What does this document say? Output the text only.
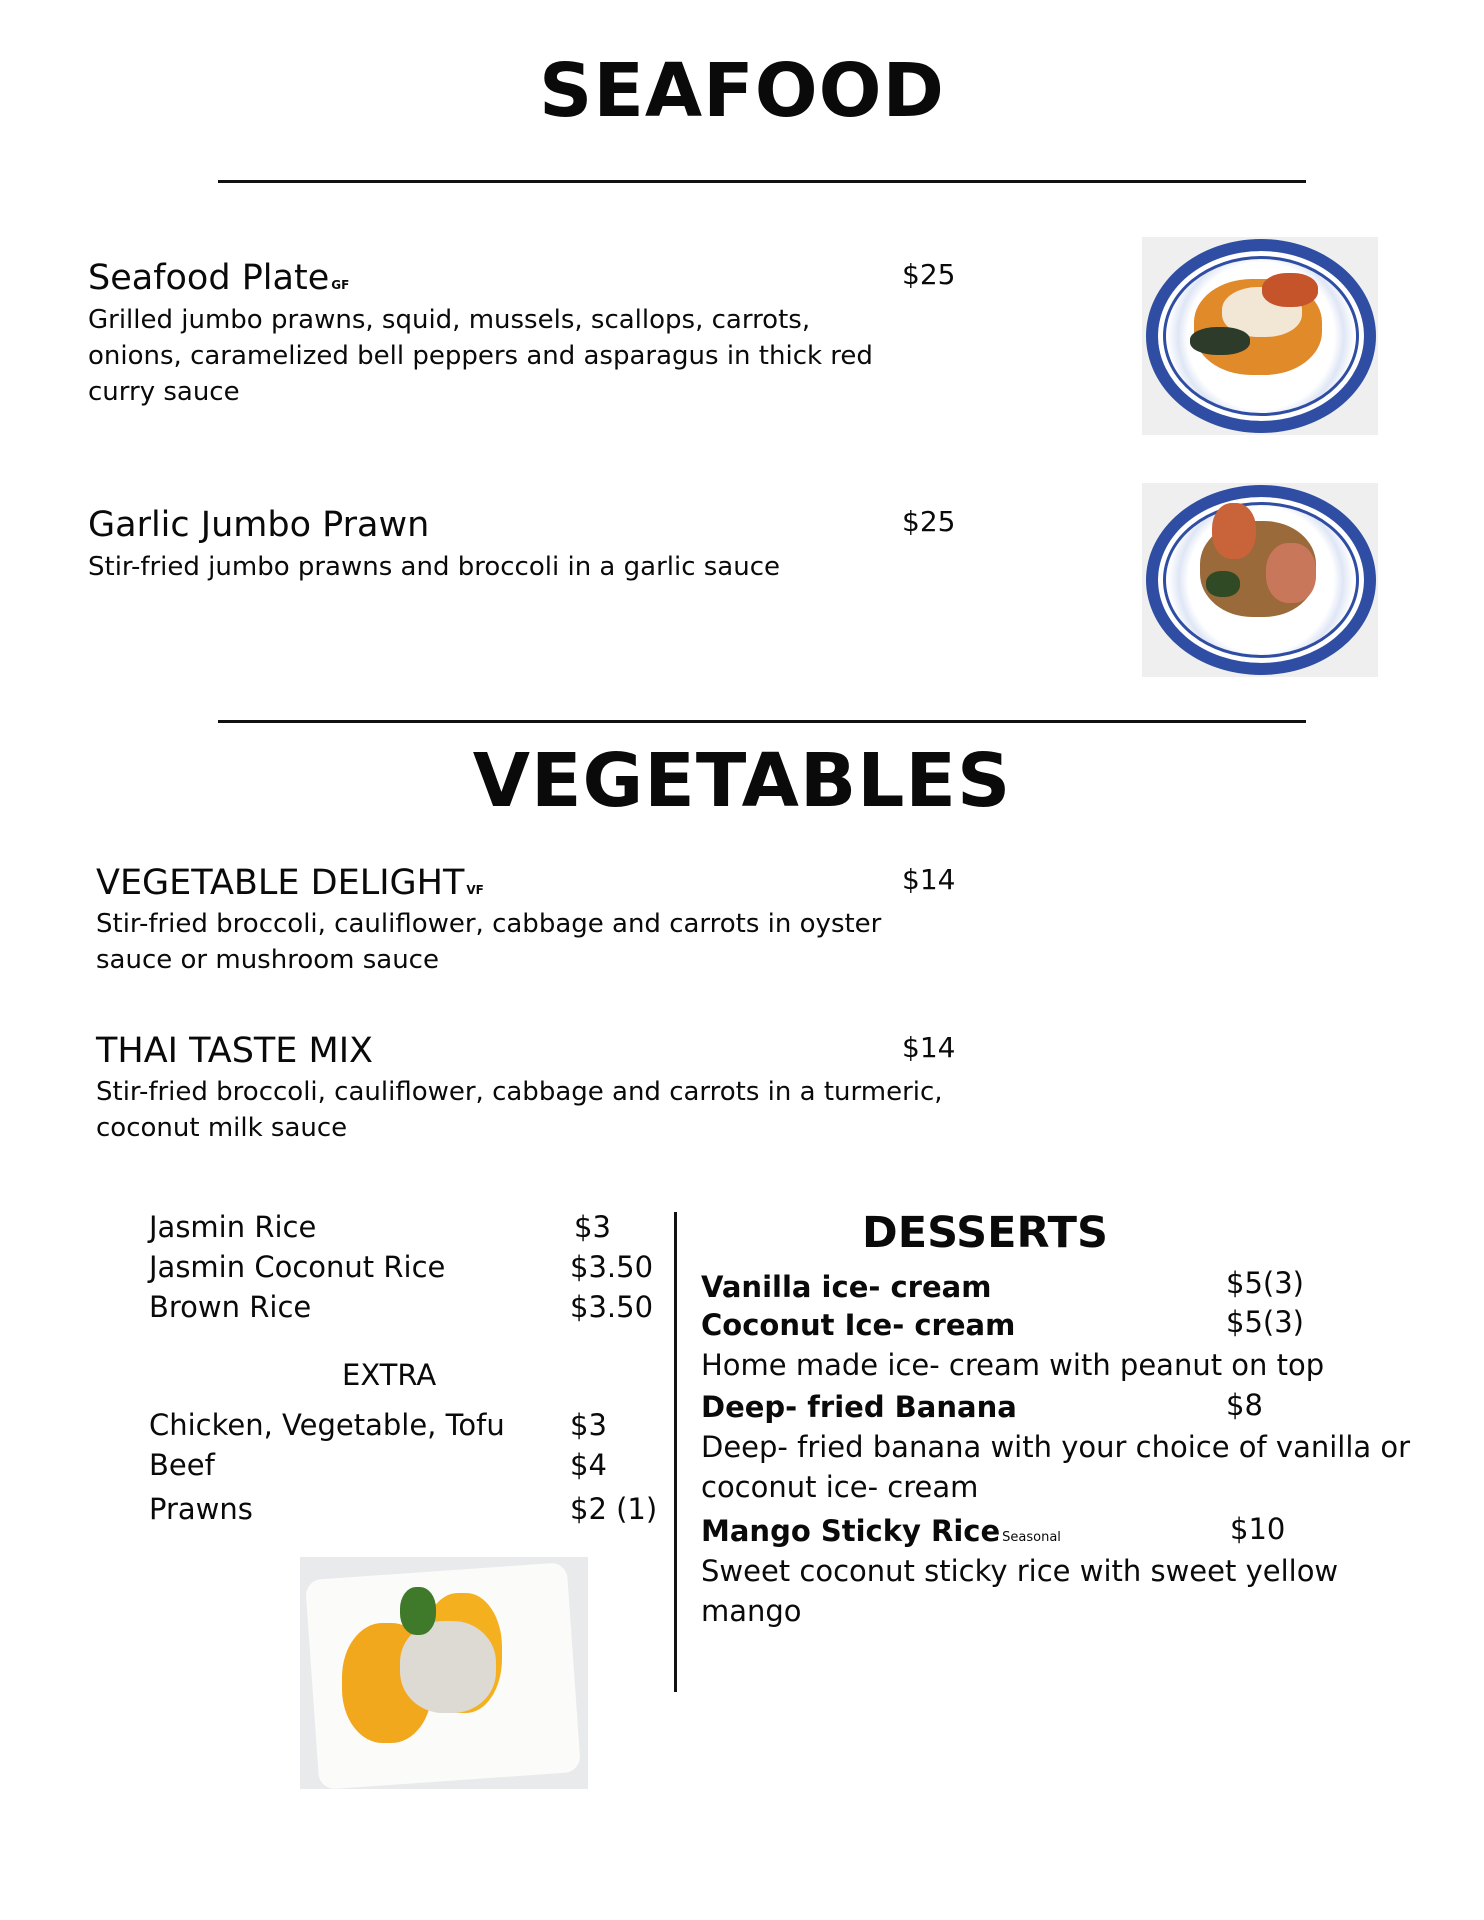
SEAFOOD
Seafood Plate GF	$25
Grilled jumbo prawns, squid, mussels, scallops, carrots, onions, caramelized bell peppers and asparagus in thick red curry sauce
Garlic Jumbo Prawn	$25
Stir-fried jumbo prawns and broccoli in a garlic sauce
VEGETABLES
VEGETABLE DELIGHT VF	$14
Stir-fried broccoli, cauliflower, cabbage and carrots in oyster sauce or mushroom sauce
THAI TASTE MIX	$14
Stir-fried broccoli, cauliflower, cabbage and carrots in a turmeric, coconut milk sauce
Jasmin Rice	$3
Jasmin Coconut Rice	$3.50
Brown Rice	$3.50
EXTRA
Chicken, Vegetable, Tofu $3
Beef	$4
Prawns	$2 (1)
DESSERTS
Vanilla ice- cream	$5(3)
Coconut Ice- cream	$5(3)
Home made ice- cream with peanut on top
Deep- fried Banana	$8
Deep- fried banana with your choice of vanilla or coconut ice- cream
Mango Sticky Rice Seasonal	$10
Sweet coconut sticky rice with sweet yellow mango
